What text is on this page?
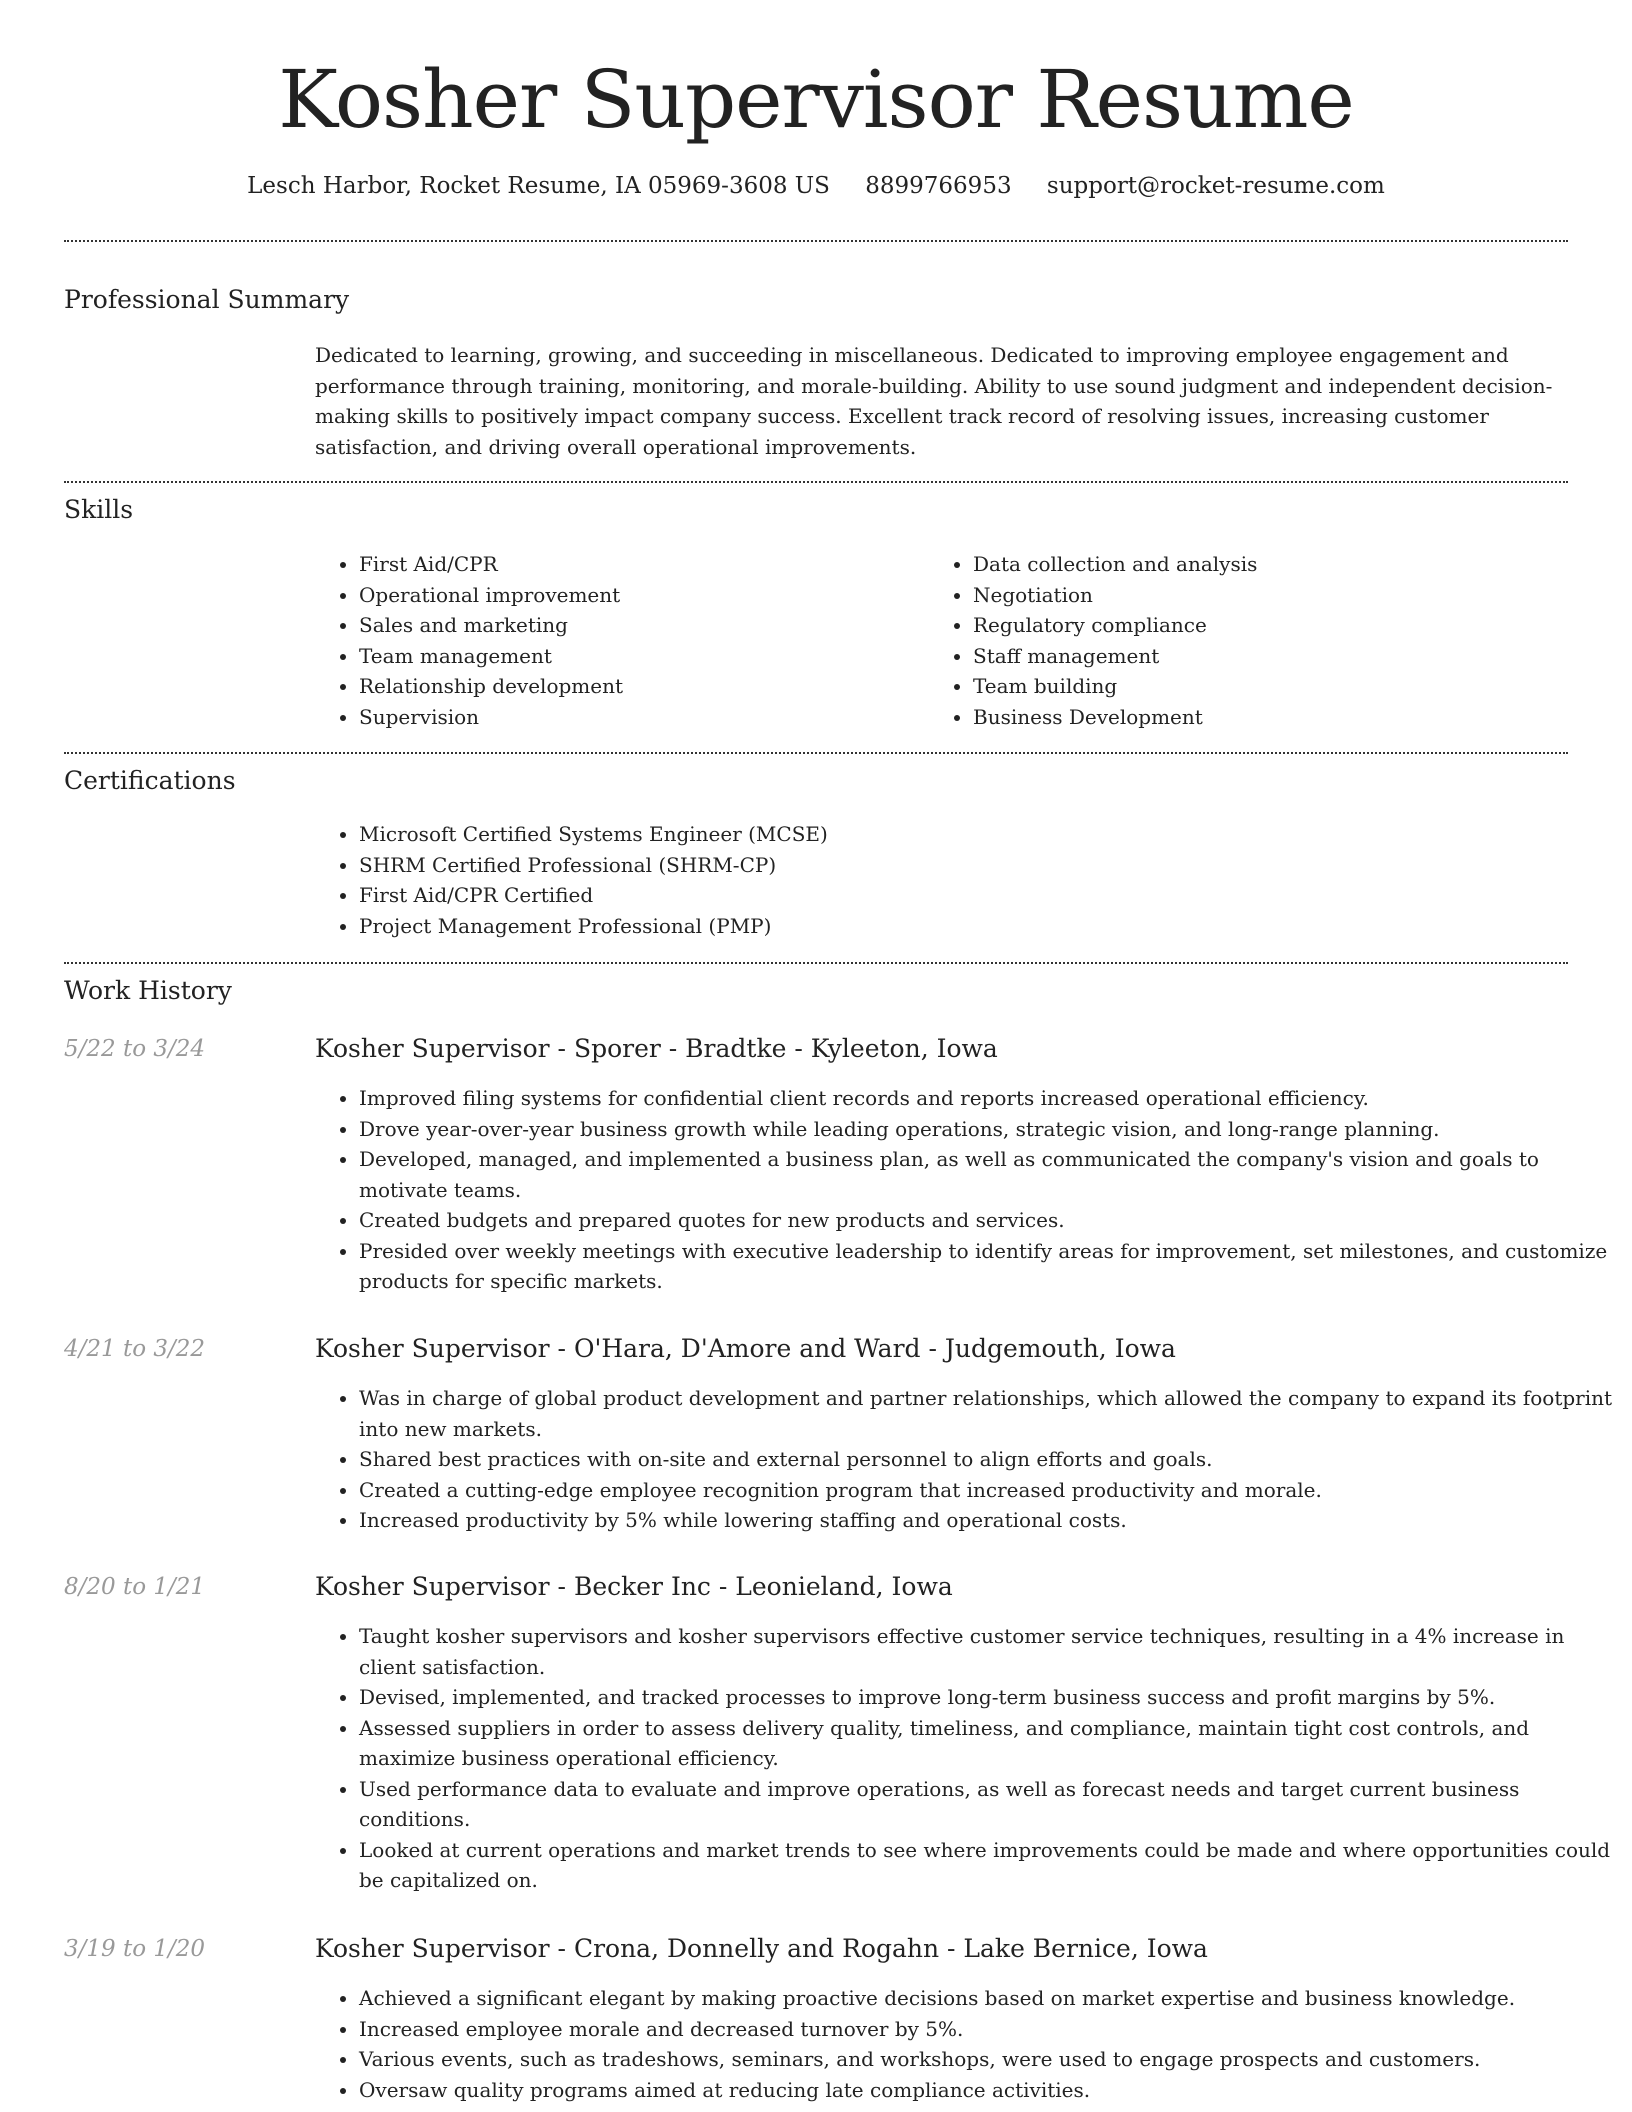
Kosher Supervisor Resume
Lesch Harbor, Rocket Resume, IA 05969-3608 US 8899766953 support@rocket-resume.com
Professional Summary

Dedicated to learning, growing, and succeeding in miscellaneous. Dedicated to improving employee engagement and performance through training, monitoring, and morale-building. Ability to use sound judgment and independent decision-making skills to positively impact company success. Excellent track record of resolving issues, increasing customer satisfaction, and driving overall operational improvements.

Skills
• First Aid/CPR
• Operational improvement
• Sales and marketing
• Team management
• Relationship development
• Supervision
• Data collection and analysis
• Negotiation
• Regulatory compliance
• Staff management
• Team building
• Business Development
Certifications
• Microsoft Certified Systems Engineer (MCSE)
• SHRM Certified Professional (SHRM-CP)
• First Aid/CPR Certified
• Project Management Professional (PMP)
Work History
5/22 to 3/24	Kosher Supervisor - Sporer - Bradtke - Kyleeton, Iowa
• Improved filing systems for confidential client records and reports increased operational efficiency.
• Drove year-over-year business growth while leading operations, strategic vision, and long-range planning.
• Developed, managed, and implemented a business plan, as well as communicated the company's vision and goals to motivate teams.
• Created budgets and prepared quotes for new products and services.
• Presided over weekly meetings with executive leadership to identify areas for improvement, set milestones, and customize products for specific markets.
4/21 to 3/22	Kosher Supervisor - O'Hara, D'Amore and Ward - Judgemouth, Iowa
• Was in charge of global product development and partner relationships, which allowed the company to expand its footprint into new markets.
• Shared best practices with on-site and external personnel to align efforts and goals.
• Created a cutting-edge employee recognition program that increased productivity and morale.
• Increased productivity by 5% while lowering staffing and operational costs.
8/20 to 1/21	Kosher Supervisor - Becker Inc - Leonieland, Iowa
• Taught kosher supervisors and kosher supervisors effective customer service techniques, resulting in a 4% increase in client satisfaction.
• Devised, implemented, and tracked processes to improve long-term business success and profit margins by 5%.
• Assessed suppliers in order to assess delivery quality, timeliness, and compliance, maintain tight cost controls, and maximize business operational efficiency.
• Used performance data to evaluate and improve operations, as well as forecast needs and target current business conditions.
• Looked at current operations and market trends to see where improvements could be made and where opportunities could be capitalized on.
3/19 to 1/20	Kosher Supervisor - Crona, Donnelly and Rogahn - Lake Bernice, Iowa
• Achieved a significant elegant by making proactive decisions based on market expertise and business knowledge.
• Increased employee morale and decreased turnover by 5%.
• Various events, such as tradeshows, seminars, and workshops, were used to engage prospects and customers.
• Oversaw quality programs aimed at reducing late compliance activities.
